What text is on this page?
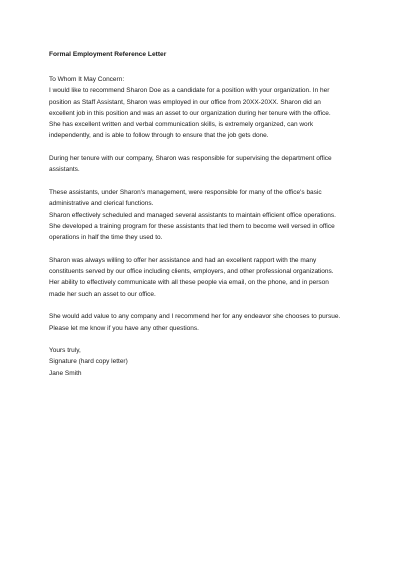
Formal Employment Reference Letter

To Whom It May Concern:

I would like to recommend Sharon Doe as a candidate for a position with your organization. In her

position as Staff Assistant, Sharon was employed in our office from 20XX-20XX. Sharon did an

excellent job in this position and was an asset to our organization during her tenure with the office.

She has excellent written and verbal communication skills, is extremely organized, can work

independently, and is able to follow through to ensure that the job gets done.

During her tenure with our company, Sharon was responsible for supervising the department office

assistants.

These assistants, under Sharon's management, were responsible for many of the office's basic

administrative and clerical functions.

Sharon effectively scheduled and managed several assistants to maintain efficient office operations.

She developed a training program for these assistants that led them to become well versed in office

operations in half the time they used to.

Sharon was always willing to offer her assistance and had an excellent rapport with the many

constituents served by our office including clients, employers, and other professional organizations.

Her ability to effectively communicate with all these people via email, on the phone, and in person

made her such an asset to our office.

She would add value to any company and I recommend her for any endeavor she chooses to pursue.

Please let me know if you have any other questions.

Yours truly,

Signature (hard copy letter)

Jane Smith
